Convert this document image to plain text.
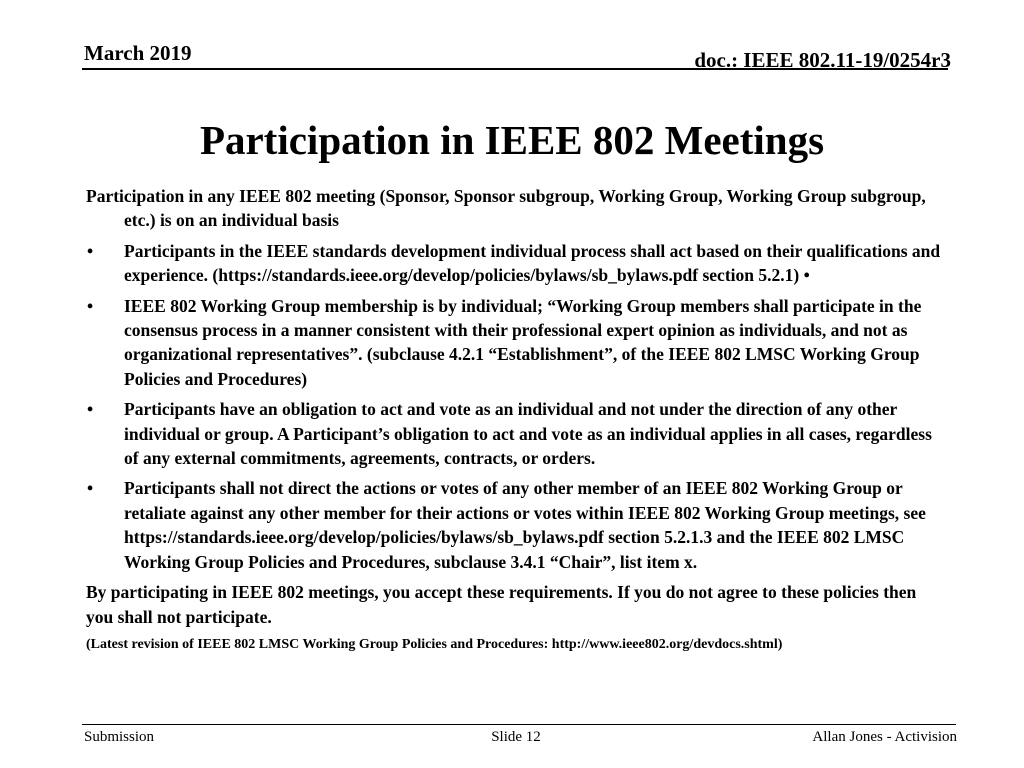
March 2019	doc.: IEEE 802.11-19/0254r3
Participation in IEEE 802 Meetings

Participation in any IEEE 802 meeting (Sponsor, Sponsor subgroup, Working Group, Working Group subgroup, etc.) is on an individual basis

• Participants in the IEEE standards development individual process shall act based on their qualifications and experience. (https://standards.ieee.org/develop/policies/bylaws/sb_bylaws.pdf section 5.2.1) •
• IEEE 802 Working Group membership is by individual; “Working Group members shall participate in the consensus process in a manner consistent with their professional expert opinion as individuals, and not as organizational representatives”. (subclause 4.2.1 “Establishment”, of the IEEE 802 LMSC Working Group Policies and Procedures)
• Participants have an obligation to act and vote as an individual and not under the direction of any other individual or group. A Participant’s obligation to act and vote as an individual applies in all cases, regardless of any external commitments, agreements, contracts, or orders.
• Participants shall not direct the actions or votes of any other member of an IEEE 802 Working Group or retaliate against any other member for their actions or votes within IEEE 802 Working Group meetings, see https://standards.ieee.org/develop/policies/bylaws/sb_bylaws.pdf section 5.2.1.3 and the IEEE 802 LMSC Working Group Policies and Procedures, subclause 3.4.1 “Chair”, list item x.

By participating in IEEE 802 meetings, you accept these requirements. If you do not agree to these policies then you shall not participate.

(Latest revision of IEEE 802 LMSC Working Group Policies and Procedures: http://www.ieee802.org/devdocs.shtml)

Submission	Slide 12	Allan Jones - Activision
